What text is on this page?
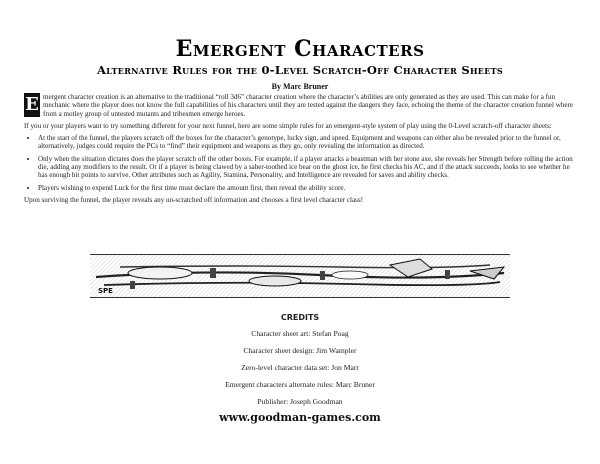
Emergent Characters
Alternative Rules for the 0-Level Scratch-Off Character Sheets
By Marc Bruner

E mergent character creation is an alternative to the traditional “roll 3d6” character creation where the character’s abilities are only generated as they are used. This can make for a fun mechanic where the player does not know the full capabilities of his characters until they are tested against the dangers they face, echoing the theme of the character creation funnel where from a motley group of untested mutants and tribesmen emerge heroes.

If you or your players want to try something different for your next funnel, here are some simple rules for an emergent-style system of play using the 0-Level scratch-off character sheets:

• At the start of the funnel, the players scratch off the boxes for the character’s genotype, lucky sign, and speed. Equipment and weapons can either also be revealed prior to the funnel or, alternatively, judges could require the PCs to “find” their equipment and weapons as they go, only revealing the information as directed.
• Only when the situation dictates does the player scratch off the other boxes. For example, if a player attacks a beastman with her stone axe, she reveals her Strength before rolling the action die, adding any modifiers to the result. Or if a player is being clawed by a saber-toothed ice bear on the ghost ice, he first checks his AC, and if the attack succeeds, looks to see whether he has enough hit points to survive. Other attributes such as Agility, Stamina, Personality, and Intelligence are revealed for saves and ability checks.
• Players wishing to expend Luck for the first time must declare the amount first, then reveal the ability score.

Upon surviving the funnel, the player reveals any un-scratched off information and chooses a first level character class!

SPE
CREDITS
Character sheet art: Stefan Poag
Character sheet design: Jim Wampler
Zero-level character data set: Jon Marr
Emergent characters alternate rules: Marc Bruner
Publisher: Joseph Goodman
www.goodman-games.com
